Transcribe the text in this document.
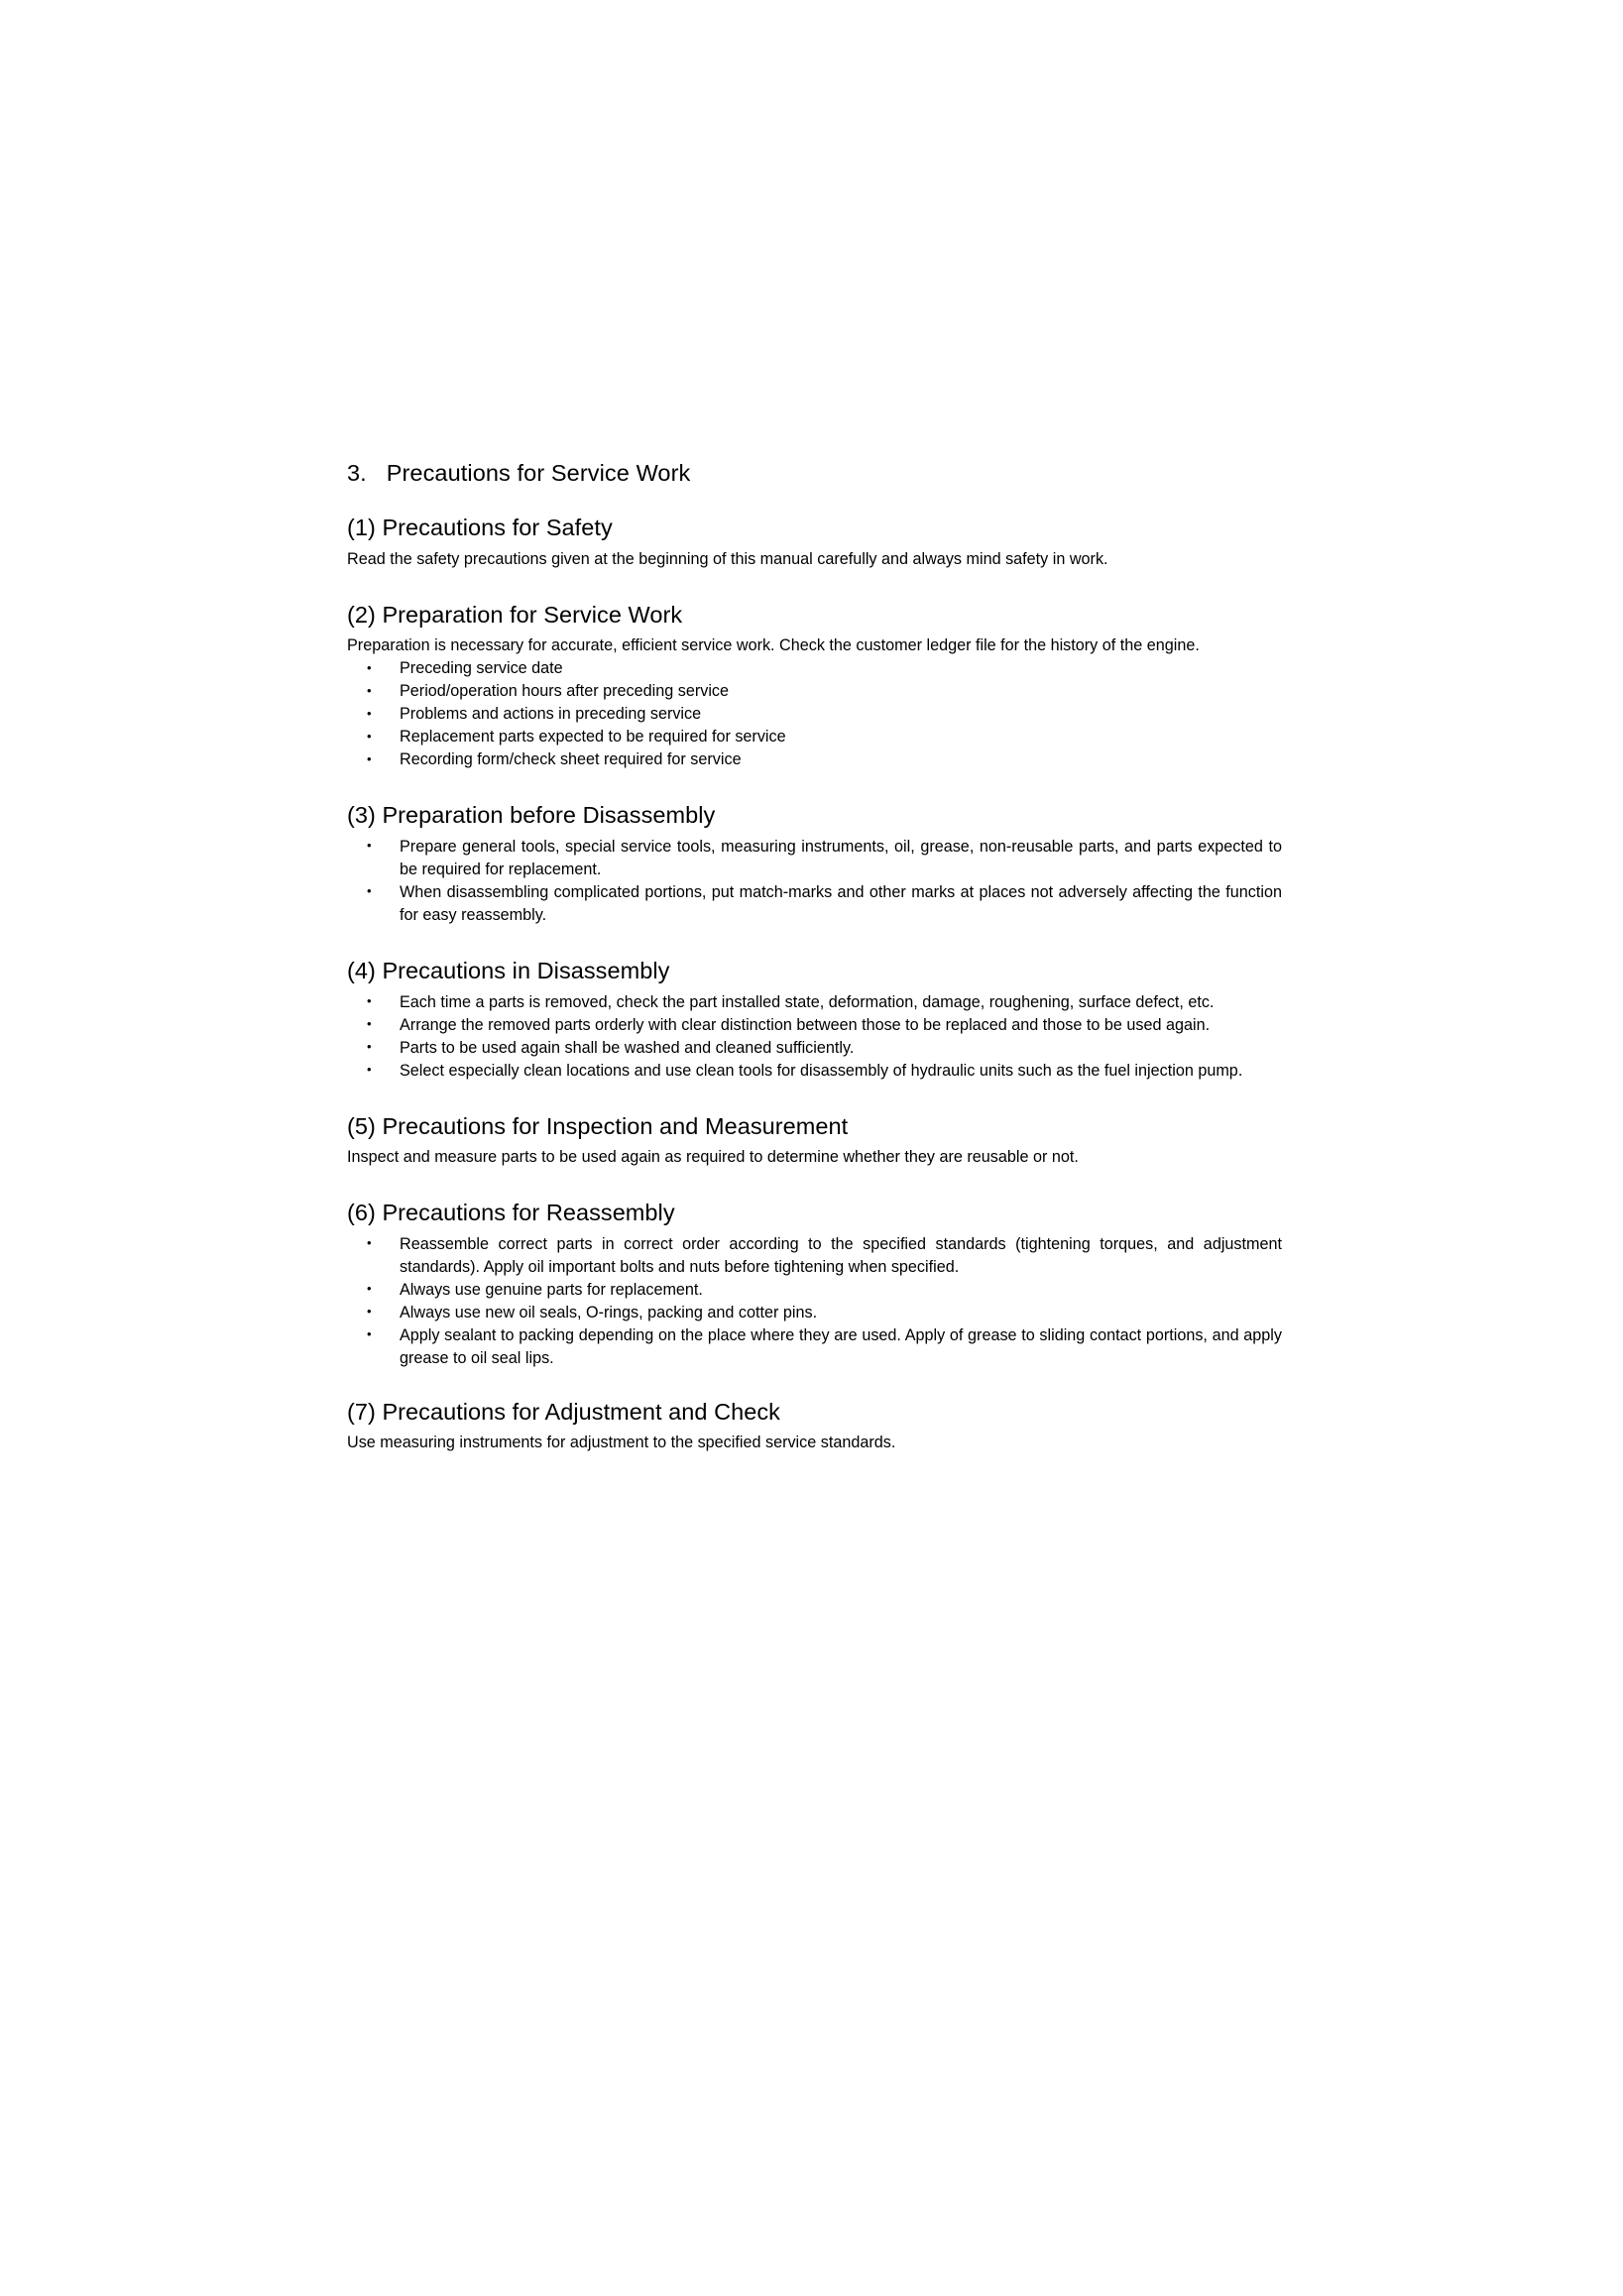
3. Precautions for Service Work
(1) Precautions for Safety

Read the safety precautions given at the beginning of this manual carefully and always mind safety in work.

(2) Preparation for Service Work

Preparation is necessary for accurate, efficient service work. Check the customer ledger file for the history of the engine.

• Preceding service date
• Period/operation hours after preceding service
• Problems and actions in preceding service
• Replacement parts expected to be required for service
• Recording form/check sheet required for service
(3) Preparation before Disassembly
• Prepare general tools, special service tools, measuring instruments, oil, grease, non-reusable parts, and parts expected to be required for replacement.
• When disassembling complicated portions, put match-marks and other marks at places not adversely affecting the function for easy reassembly.
(4) Precautions in Disassembly
• Each time a parts is removed, check the part installed state, deformation, damage, roughening, surface defect, etc.
• Arrange the removed parts orderly with clear distinction between those to be replaced and those to be used again.
• Parts to be used again shall be washed and cleaned sufficiently.
• Select especially clean locations and use clean tools for disassembly of hydraulic units such as the fuel injection pump.
(5) Precautions for Inspection and Measurement

Inspect and measure parts to be used again as required to determine whether they are reusable or not.

(6) Precautions for Reassembly
• Reassemble correct parts in correct order according to the specified standards (tightening torques, and adjustment standards). Apply oil important bolts and nuts before tightening when specified.
• Always use genuine parts for replacement.
• Always use new oil seals, O-rings, packing and cotter pins.
• Apply sealant to packing depending on the place where they are used. Apply of grease to sliding contact portions, and apply grease to oil seal lips.
(7) Precautions for Adjustment and Check

Use measuring instruments for adjustment to the specified service standards.
